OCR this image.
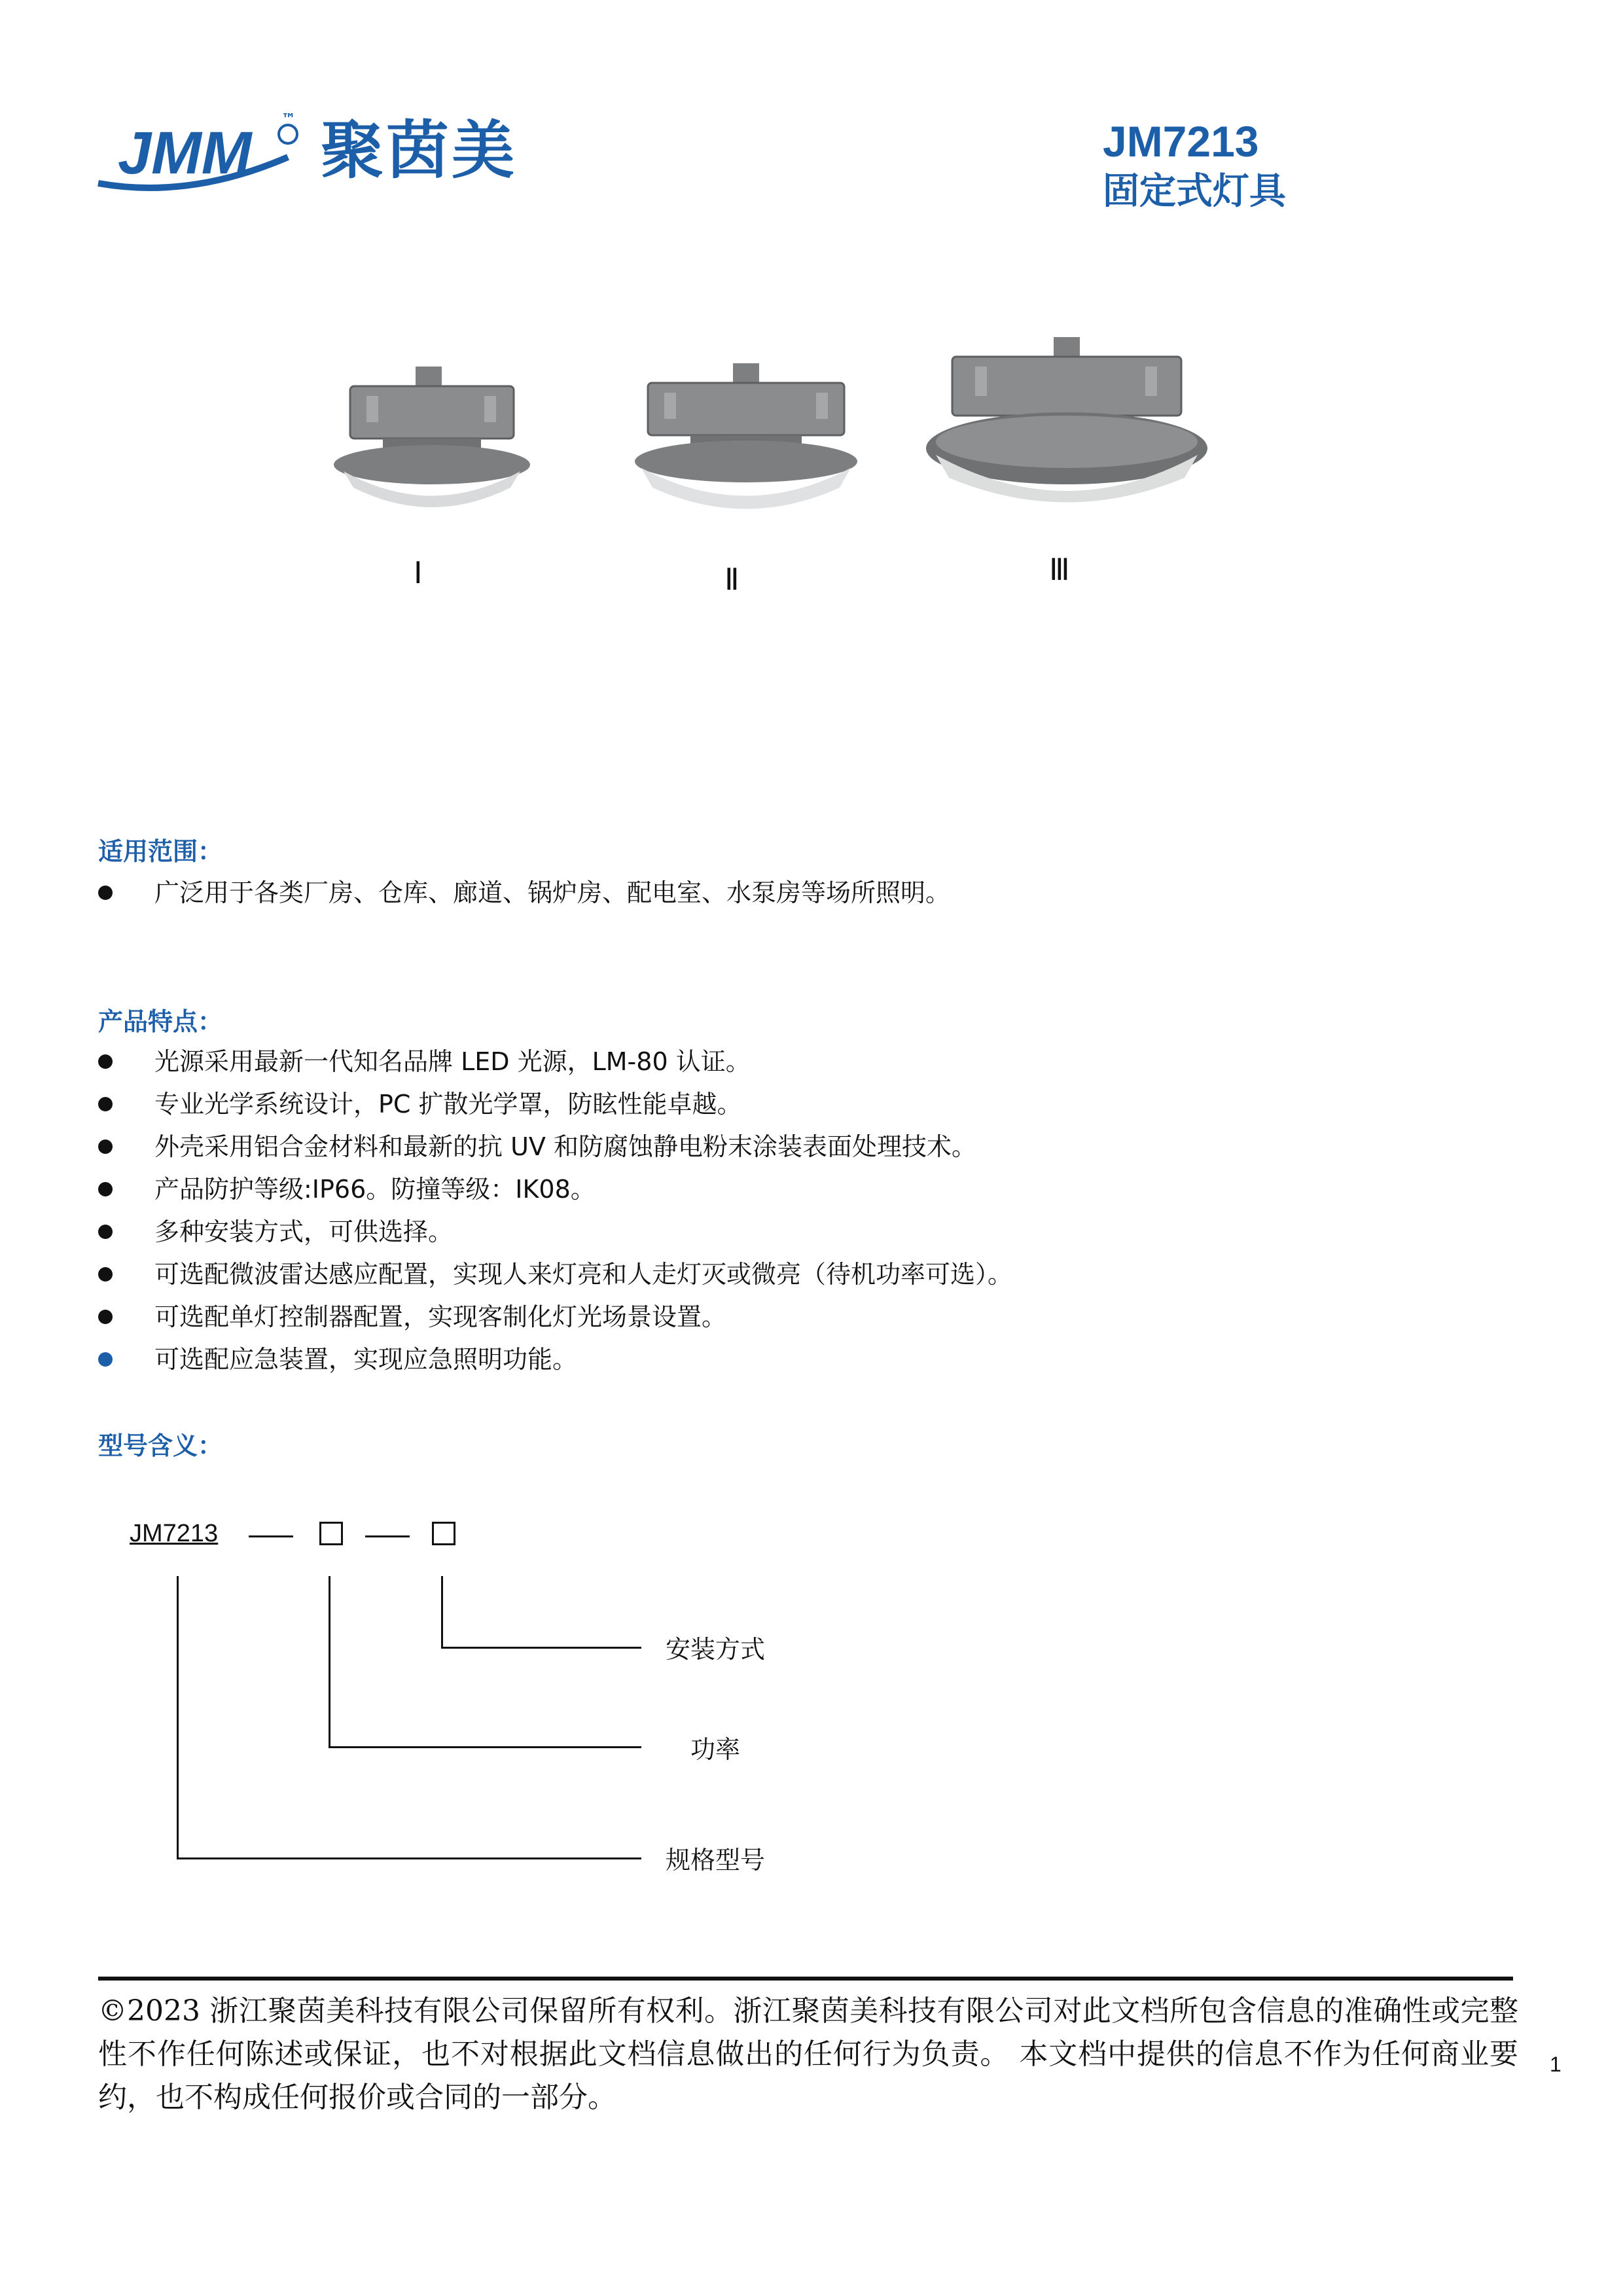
JMM
™ 聚茵美	JM7213
固定式灯具
Ⅰ	Ⅱ	Ⅲ
适用范围：
广泛用于各类厂房、仓库、廊道、锅炉房、配电室、水泵房等场所照明。
产品特点：
光源采用最新一代知名品牌 LED 光源，LM-80 认证。
专业光学系统设计，PC 扩散光学罩，防眩性能卓越。
外壳采用铝合金材料和最新的抗 UV 和防腐蚀静电粉末涂装表面处理技术。
产品防护等级:IP66。防撞等级：IK08。
多种安装方式，可供选择。
可选配微波雷达感应配置，实现人来灯亮和人走灯灭或微亮（待机功率可选）。
可选配单灯控制器配置，实现客制化灯光场景设置。
可选配应急装置，实现应急照明功能。
型号含义：
JM7213
安装方式
功率
规格型号
©2023 浙江聚茵美科技有限公司保留所有权利。浙江聚茵美科技有限公司对此文档所包含信息的准确性或完整性不作任何陈述或保证，也不对根据此文档信息做出的任何行为负责。 本文档中提供的信息不作为任何商业要约，也不构成任何报价或合同的一部分。
1
